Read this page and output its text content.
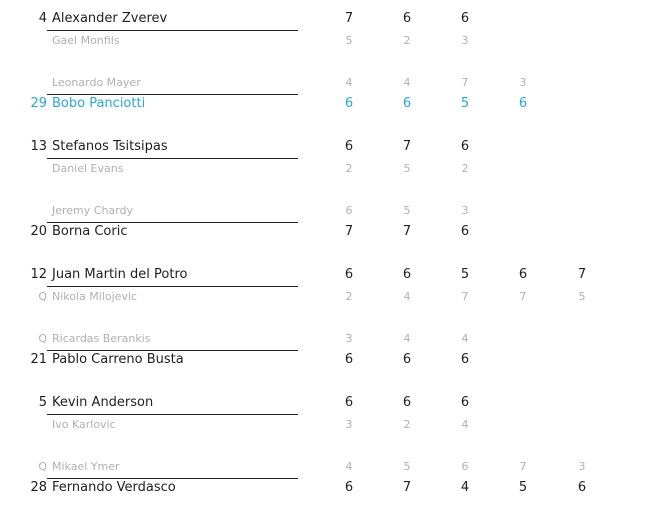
4 Alexander Zverev	7	6	6
Gael Monfils	5	2	3
Leonardo Mayer	4	4	7	3
29 Bobo Panciotti	6	6	5	6
13 Stefanos Tsitsipas	6	7	6
Daniel Evans	2	5	2
Jeremy Chardy	6	5	3
20 Borna Coric	7	7	6
12 Juan Martin del Potro	6	6	5	6	7
Q Nikola Milojevic	2	4	7	7	5
Q Ricardas Berankis	3	4	4
21 Pablo Carreno Busta	6	6	6
5 Kevin Anderson	6	6	6
Ivo Karlovic	3	2	4
Q Mikael Ymer	4	5	6	7	3
28 Fernando Verdasco	6	7	4	5	6
